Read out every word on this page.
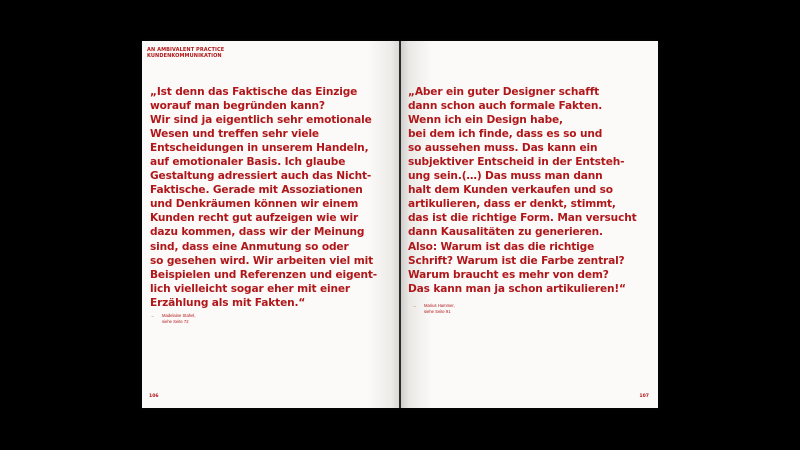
AN AMBIVALENT PRACTICE
KUNDENKOMMUNIKATION
„Ist denn das Faktische das Einzige
worauf man begründen kann?
Wir sind ja eigentlich sehr emotionale
Wesen und treffen sehr viele
Entscheidungen in unserem Handeln,
auf emotionaler Basis. Ich glaube
Gestaltung adressiert auch das Nicht-
Faktische. Gerade mit Assoziationen
und Denkräumen können wir einem
Kunden recht gut aufzeigen wie wir
dazu kommen, dass wir der Meinung
sind, dass eine Anmutung so oder
so gesehen wird. Wir arbeiten viel mit
Beispielen und Referenzen und eigent-
lich vielleicht sogar eher mit einer
Erzählung als mit Fakten.“
→ Madelaine Stahel,
siehe Seite 72
106
„Aber ein guter Designer schafft
dann schon auch formale Fakten.
Wenn ich ein Design habe,
bei dem ich finde, dass es so und
so aussehen muss. Das kann ein
subjektiver Entscheid in der Entsteh-
ung sein.(…) Das muss man dann
halt dem Kunden verkaufen und so
artikulieren, dass er denkt, stimmt,
das ist die richtige Form. Man versucht
dann Kausalitäten zu generieren.
Also: Warum ist das die richtige
Schrift? Warum ist die Farbe zentral?
Warum braucht es mehr von dem?
Das kann man ja schon artikulieren!“
→ Marius Hammer,
siehe Seite 91
107
